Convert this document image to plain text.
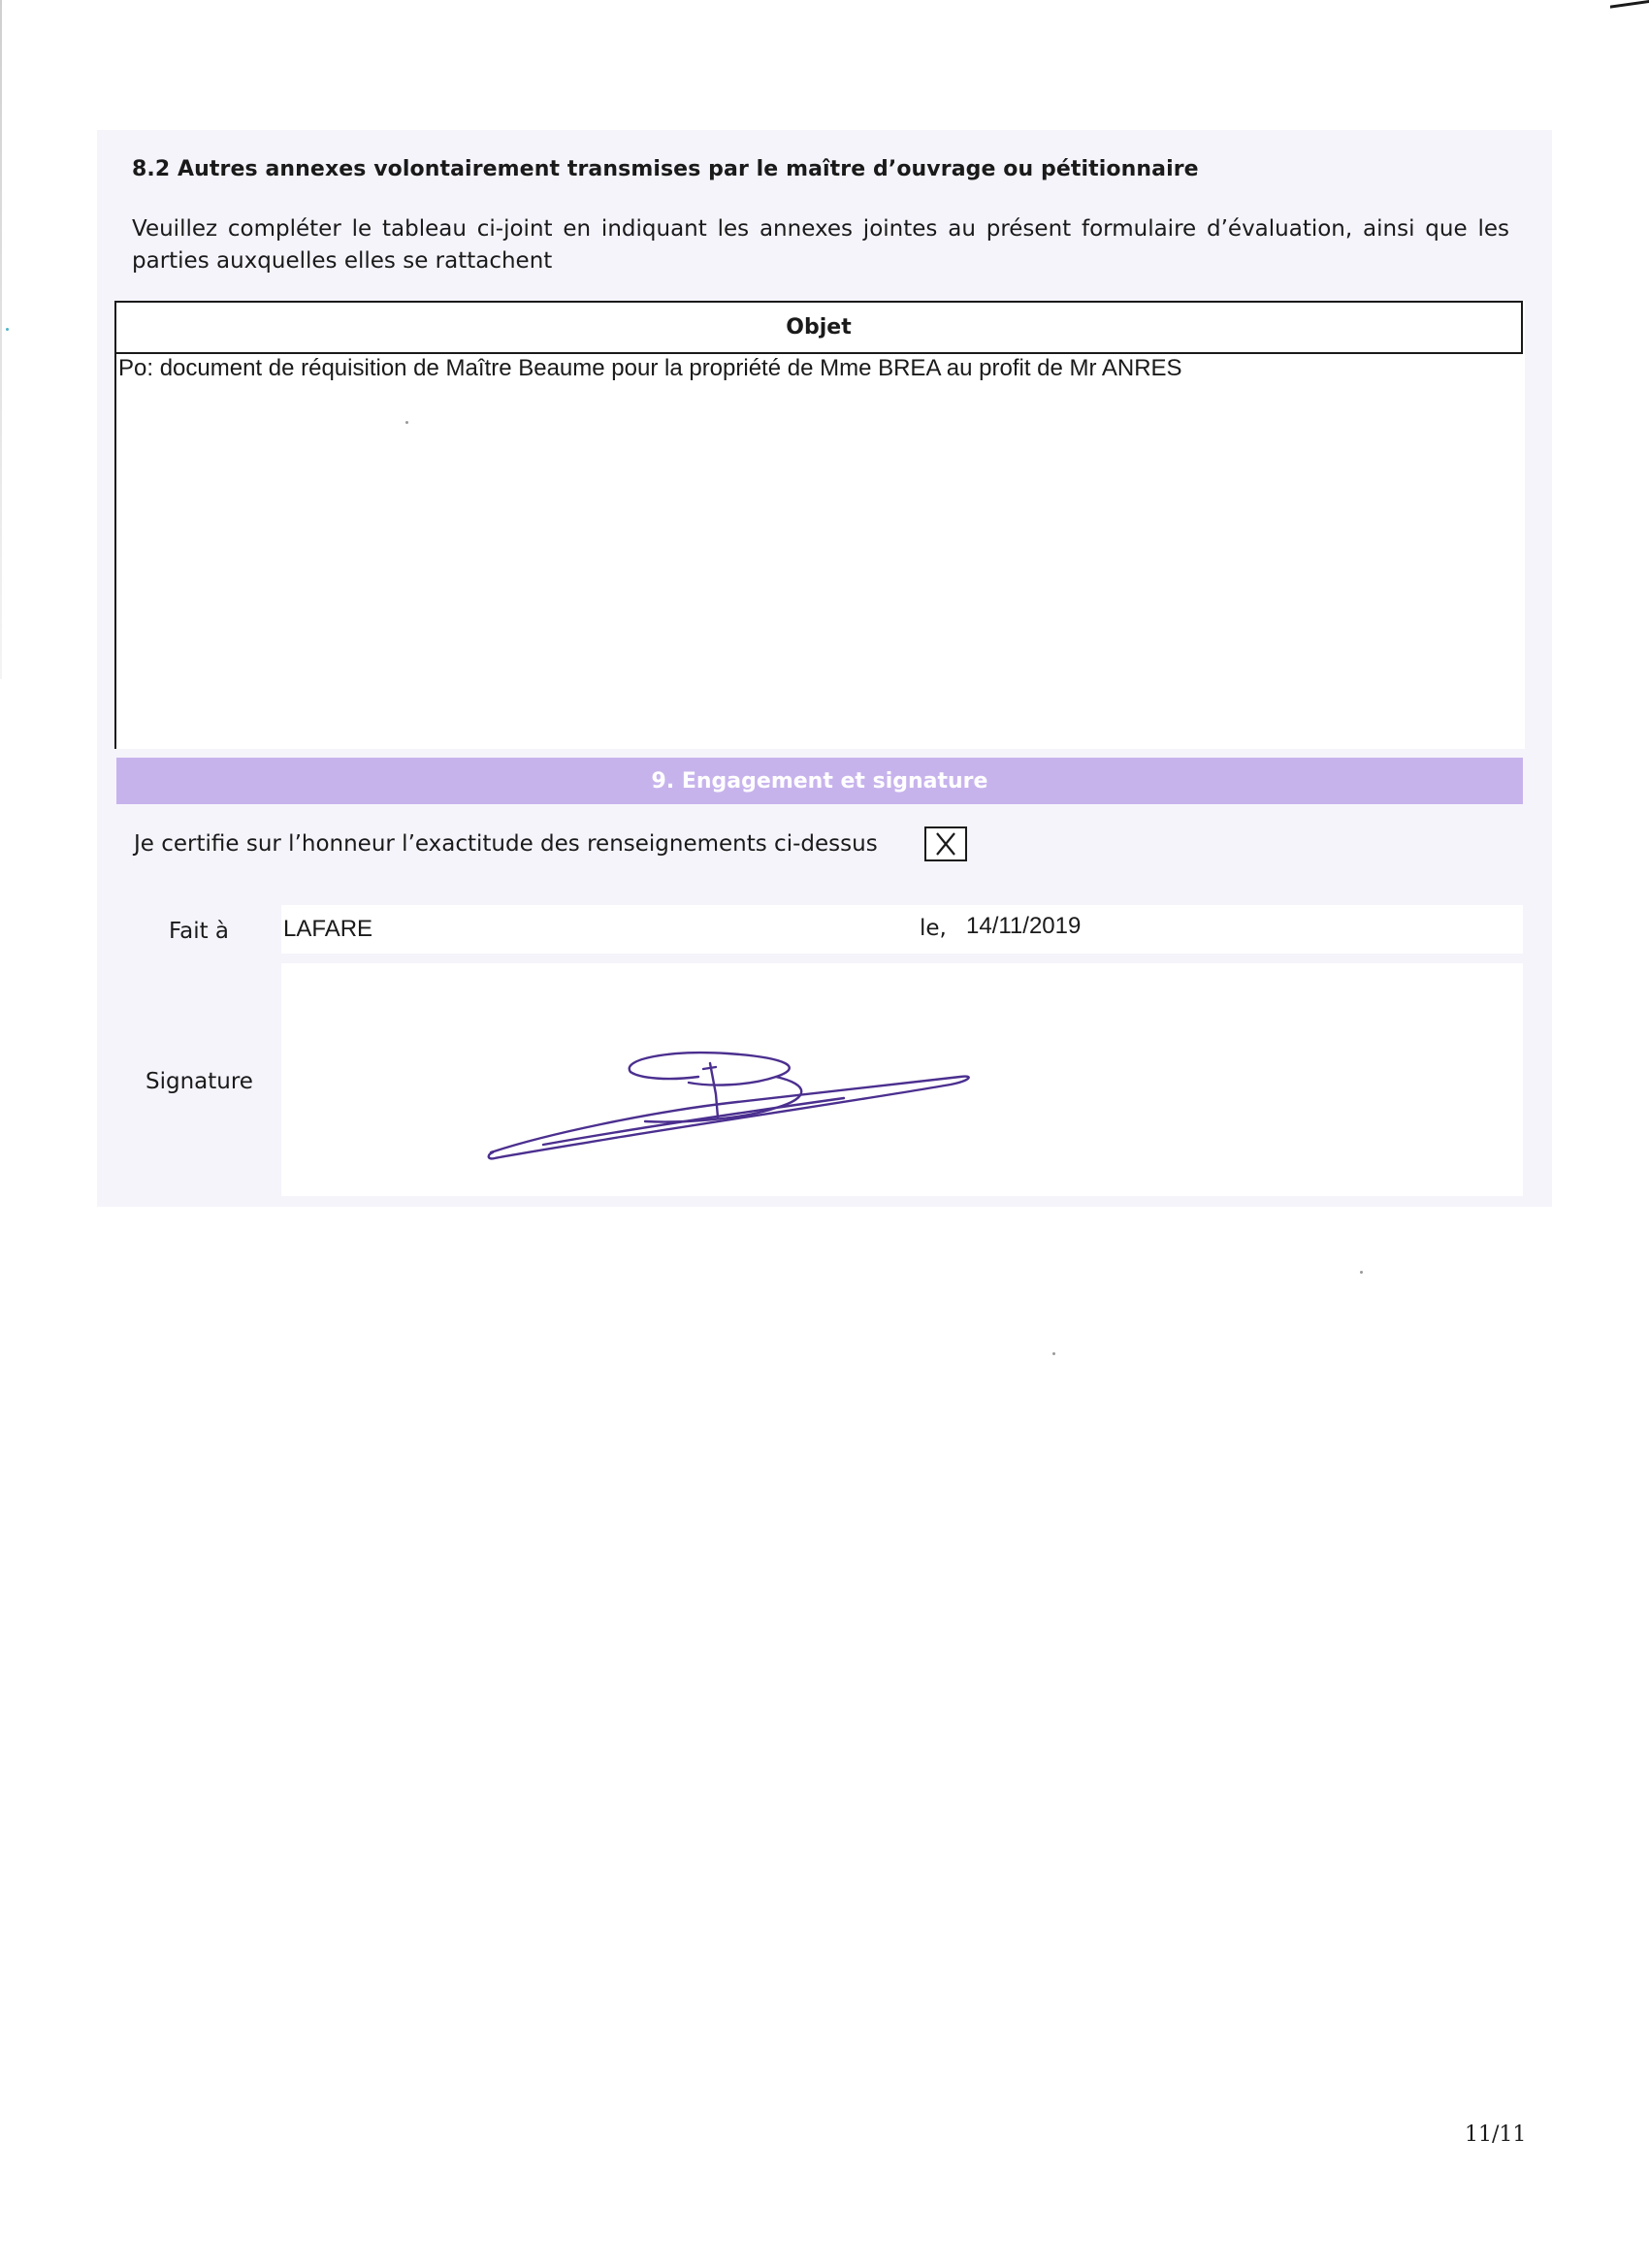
8.2 Autres annexes volontairement transmises par le maître d’ouvrage ou pétitionnaire
Veuillez compléter le tableau ci-joint en indiquant les annexes jointes au présent formulaire d’évaluation, ainsi que les parties auxquelles elles se rattachent
Objet
Po: document de réquisition de Maître Beaume pour la propriété de Mme BREA au profit de Mr ANRES
9. Engagement et signature
Je certifie sur l’honneur l’exactitude des renseignements ci-dessus
Fait à LAFARE	le, 14/11/2019
Signature
11/11
